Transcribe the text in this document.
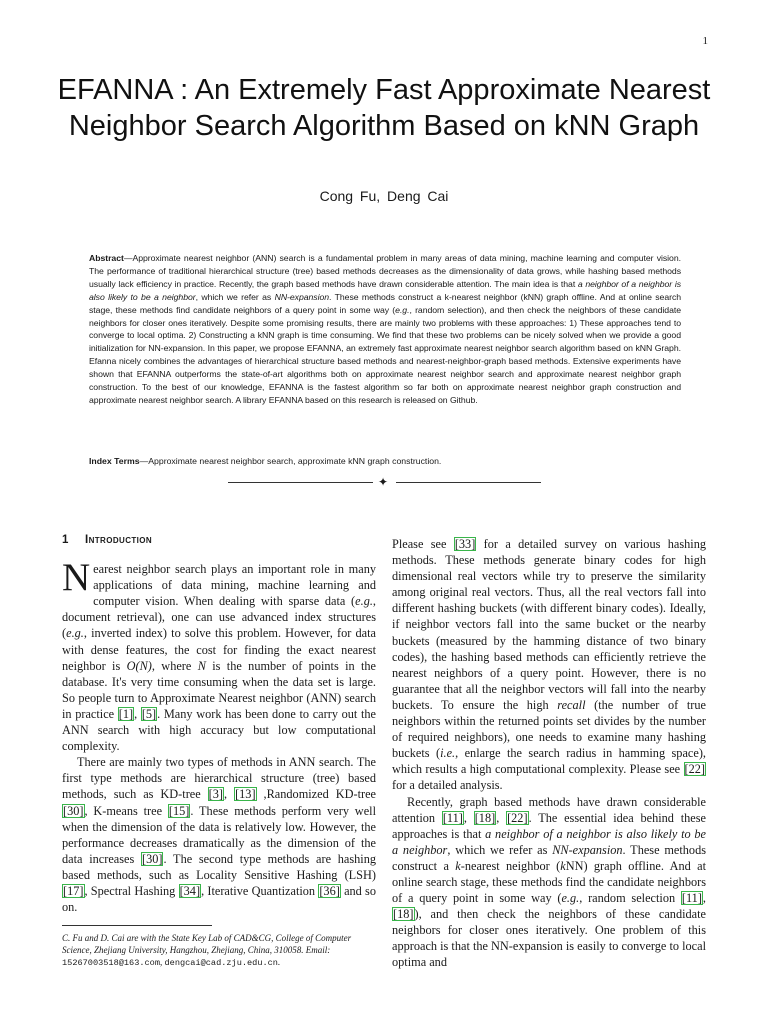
1
EFANNA : An Extremely Fast Approximate Nearest Neighbor Search Algorithm Based on kNN Graph
Cong Fu, Deng Cai

Abstract—Approximate nearest neighbor (ANN) search is a fundamental problem in many areas of data mining, machine learning and computer vision. The performance of traditional hierarchical structure (tree) based methods decreases as the dimensionality of data grows, while hashing based methods usually lack efficiency in practice. Recently, the graph based methods have drawn considerable attention. The main idea is that a neighbor of a neighbor is also likely to be a neighbor, which we refer as NN-expansion. These methods construct a k-nearest neighbor (kNN) graph offline. And at online search stage, these methods find candidate neighbors of a query point in some way (e.g., random selection), and then check the neighbors of these candidate neighbors for closer ones iteratively. Despite some promising results, there are mainly two problems with these approaches: 1) These approaches tend to converge to local optima. 2) Constructing a kNN graph is time consuming. We find that these two problems can be nicely solved when we provide a good initialization for NN-expansion. In this paper, we propose EFANNA, an extremely fast approximate nearest neighbor search algorithm based on kNN Graph. Efanna nicely combines the advantages of hierarchical structure based methods and nearest-neighbor-graph based methods. Extensive experiments have shown that EFANNA outperforms the state-of-art algorithms both on approximate nearest neighbor search and approximate nearest neighbor graph construction. To the best of our knowledge, EFANNA is the fastest algorithm so far both on approximate nearest neighbor graph construction and approximate nearest neighbor search. A library EFANNA based on this research is released on Github.

Index Terms—Approximate nearest neighbor search, approximate kNN graph construction.

✦
1 Introduction

Nearest neighbor search plays an important role in many applications of data mining, machine learning and computer vision. When dealing with sparse data (e.g., document retrieval), one can use advanced index structures (e.g., inverted index) to solve this problem. However, for data with dense features, the cost for finding the exact nearest neighbor is O(N), where N is the number of points in the database. It's very time consuming when the data set is large. So people turn to Approximate Nearest neighbor (ANN) search in practice [1], [5]. Many work has been done to carry out the ANN search with high accuracy but low computational complexity.

There are mainly two types of methods in ANN search. The first type methods are hierarchical structure (tree) based methods, such as KD-tree [3], [13] ,Randomized KD-tree [30], K-means tree [15]. These methods perform very well when the dimension of the data is relatively low. However, the performance decreases dramatically as the dimension of the data increases [30]. The second type methods are hashing based methods, such as Locality Sensitive Hashing (LSH) [17], Spectral Hashing [34], Iterative Quantization [36] and so on.

C. Fu and D. Cai are with the State Key Lab of CAD&CG, College of Computer Science, Zhejiang University, Hangzhou, Zhejiang, China, 310058. Email: 15267003518@163.com, dengcai@cad.zju.edu.cn.

Please see [33] for a detailed survey on various hashing methods. These methods generate binary codes for high dimensional real vectors while try to preserve the similarity among original real vectors. Thus, all the real vectors fall into different hashing buckets (with different binary codes). Ideally, if neighbor vectors fall into the same bucket or the nearby buckets (measured by the hamming distance of two binary codes), the hashing based methods can efficiently retrieve the nearest neighbors of a query point. However, there is no guarantee that all the neighbor vectors will fall into the nearby buckets. To ensure the high recall (the number of true neighbors within the returned points set divides by the number of required neighbors), one needs to examine many hashing buckets (i.e., enlarge the search radius in hamming space), which results a high computational complexity. Please see [22] for a detailed analysis.

Recently, graph based methods have drawn considerable attention [11], [18], [22]. The essential idea behind these approaches is that a neighbor of a neighbor is also likely to be a neighbor, which we refer as NN-expansion. These methods construct a k-nearest neighbor (kNN) graph offline. And at online search stage, these methods find the candidate neighbors of a query point in some way (e.g., random selection [11], [18]), and then check the neighbors of these candidate neighbors for closer ones iteratively. One problem of this approach is that the NN-expansion is easily to converge to local optima and
